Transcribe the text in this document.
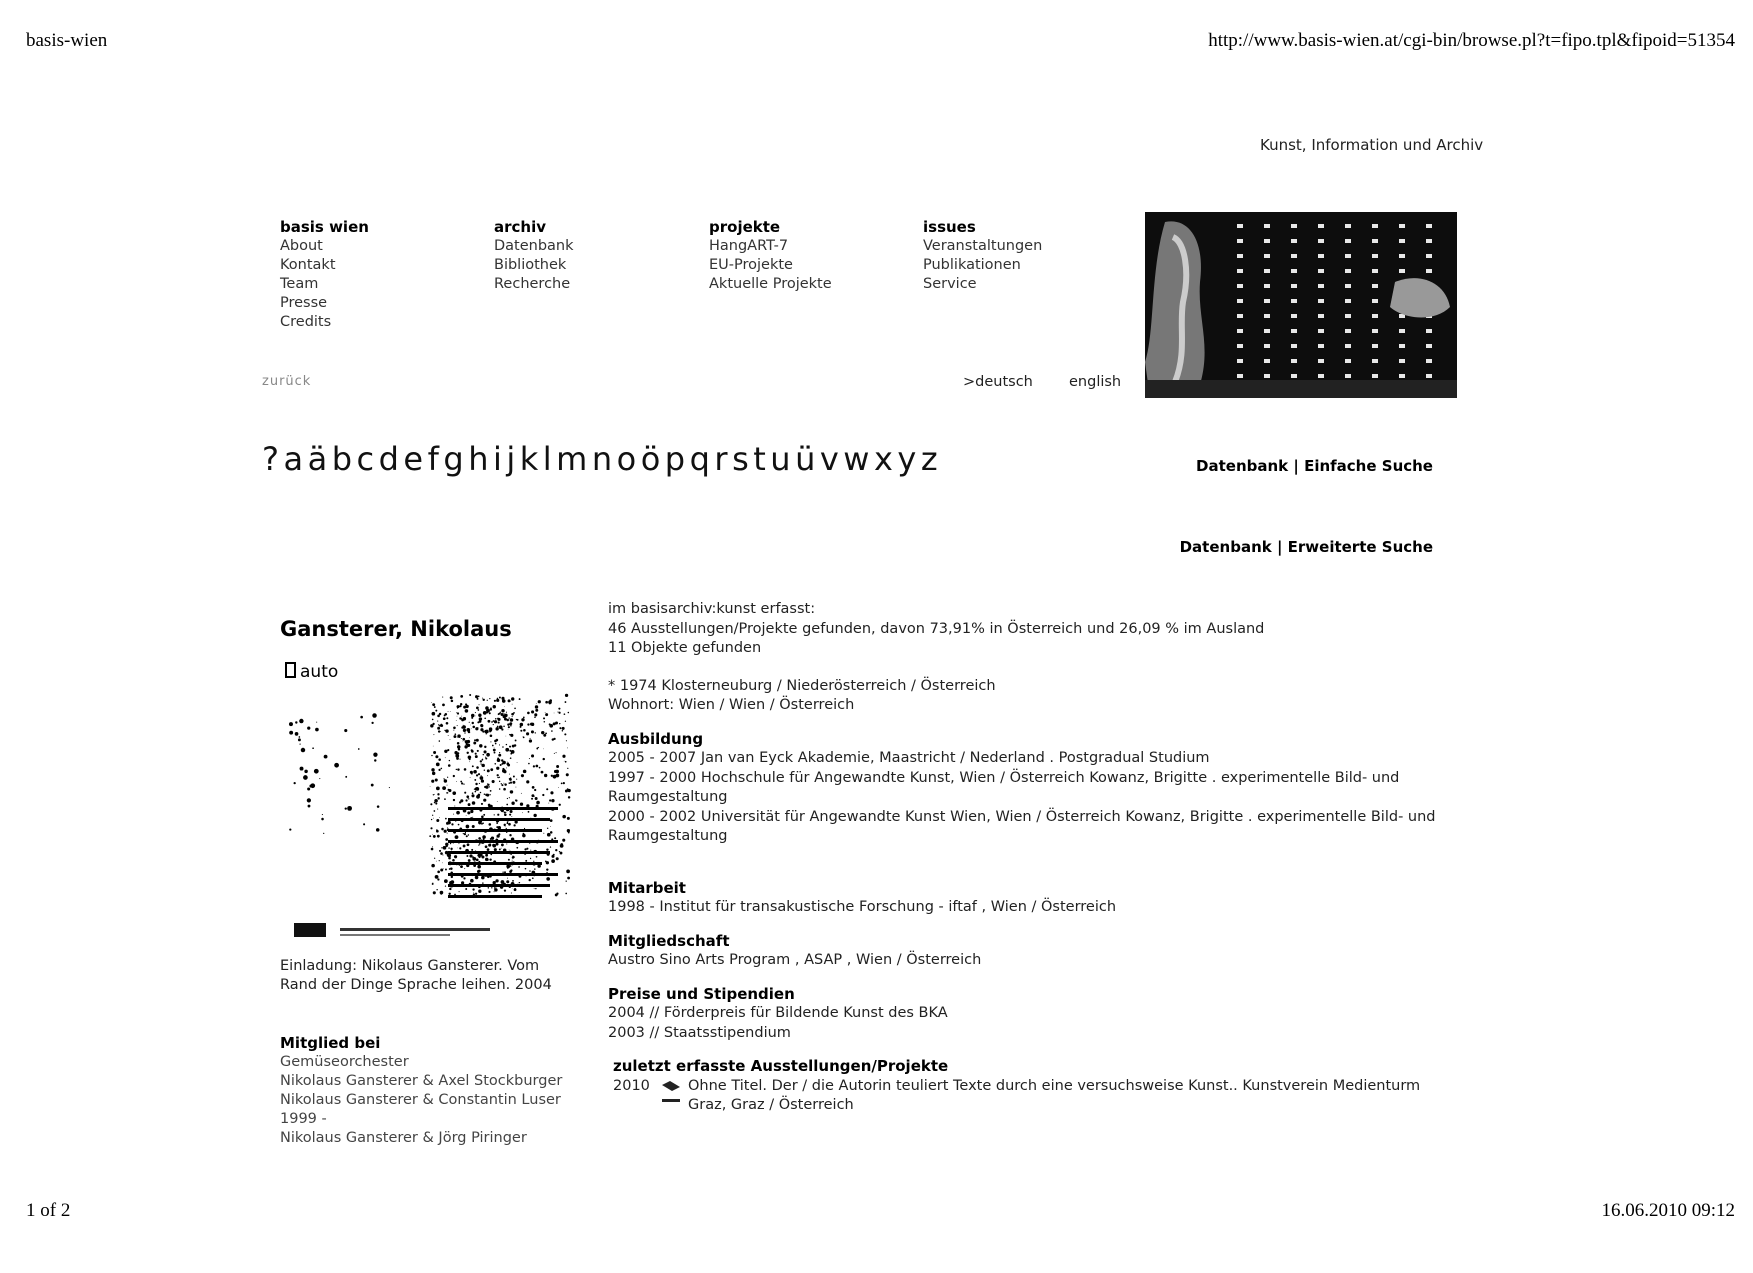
basis-wien	http://www.basis-wien.at/cgi-bin/browse.pl?t=fipo.tpl&fipoid=51354
1 of 2	16.06.2010 09:12
Kunst, Information und Archiv
basis wien
About
Kontakt
Team
Presse
Credits
archiv
Datenbank
Bibliothek
Recherche
projekte
HangART-7
EU-Projekte
Aktuelle Projekte
issues
Veranstaltungen
Publikationen
Service
zurück	>deutsch english
?aäbcdefghijklmnoöpqrstuüvwxyz	Datenbank | Einfache Suche
Datenbank | Erweiterte Suche
Gansterer, Nikolaus
auto
Einladung: Nikolaus Gansterer. Vom Rand der Dinge Sprache leihen. 2004
Mitglied bei
Gemüseorchester
Nikolaus Gansterer & Axel Stockburger
Nikolaus Gansterer & Constantin Luser
1999 -
Nikolaus Gansterer & Jörg Piringer
im basisarchiv:kunst erfasst:
46 Ausstellungen/Projekte gefunden, davon 73,91% in Österreich und 26,09 % im Ausland
11 Objekte gefunden
* 1974 Klosterneuburg / Niederösterreich / Österreich
Wohnort: Wien / Wien / Österreich
Ausbildung
2005 - 2007 Jan van Eyck Akademie, Maastricht / Nederland . Postgradual Studium
1997 - 2000 Hochschule für Angewandte Kunst, Wien / Österreich Kowanz, Brigitte . experimentelle Bild- und Raumgestaltung
2000 - 2002 Universität für Angewandte Kunst Wien, Wien / Österreich Kowanz, Brigitte . experimentelle Bild- und Raumgestaltung
Mitarbeit
1998 - Institut für transakustische Forschung - iftaf , Wien / Österreich
Mitgliedschaft
Austro Sino Arts Program , ASAP , Wien / Österreich
Preise und Stipendien
2004 // Förderpreis für Bildende Kunst des BKA
2003 // Staatsstipendium
zuletzt erfasste Ausstellungen/Projekte
2010	Ohne Titel. Der / die Autorin teuliert Texte durch eine versuchsweise Kunst.. Kunstverein Medienturm Graz, Graz / Österreich
